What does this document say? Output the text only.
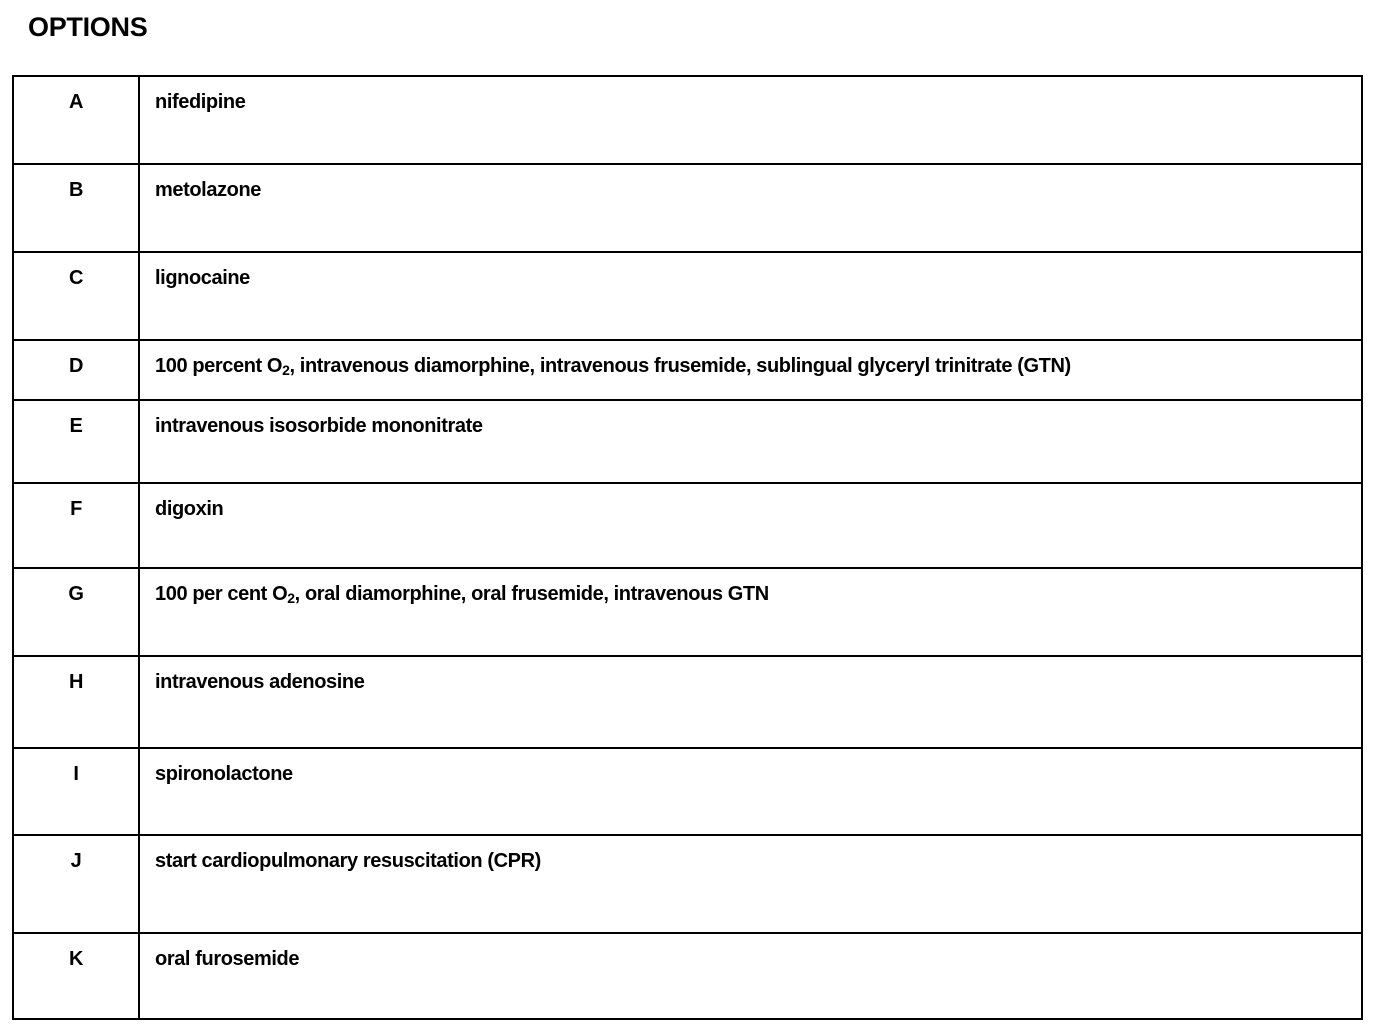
OPTIONS
A	nifedipine

B	metolazone

C	lignocaine

D	100 percent $O_2$, intravenous diamorphine, intravenous frusemide, sublingual glyceryl trinitrate (GTN)

E	intravenous isosorbide mononitrate

F	digoxin

G	100 per cent $O_2$, oral diamorphine, oral frusemide, intravenous GTN

H	intravenous adenosine

I	spironolactone

J	start cardiopulmonary resuscitation (CPR)

K	oral furosemide
